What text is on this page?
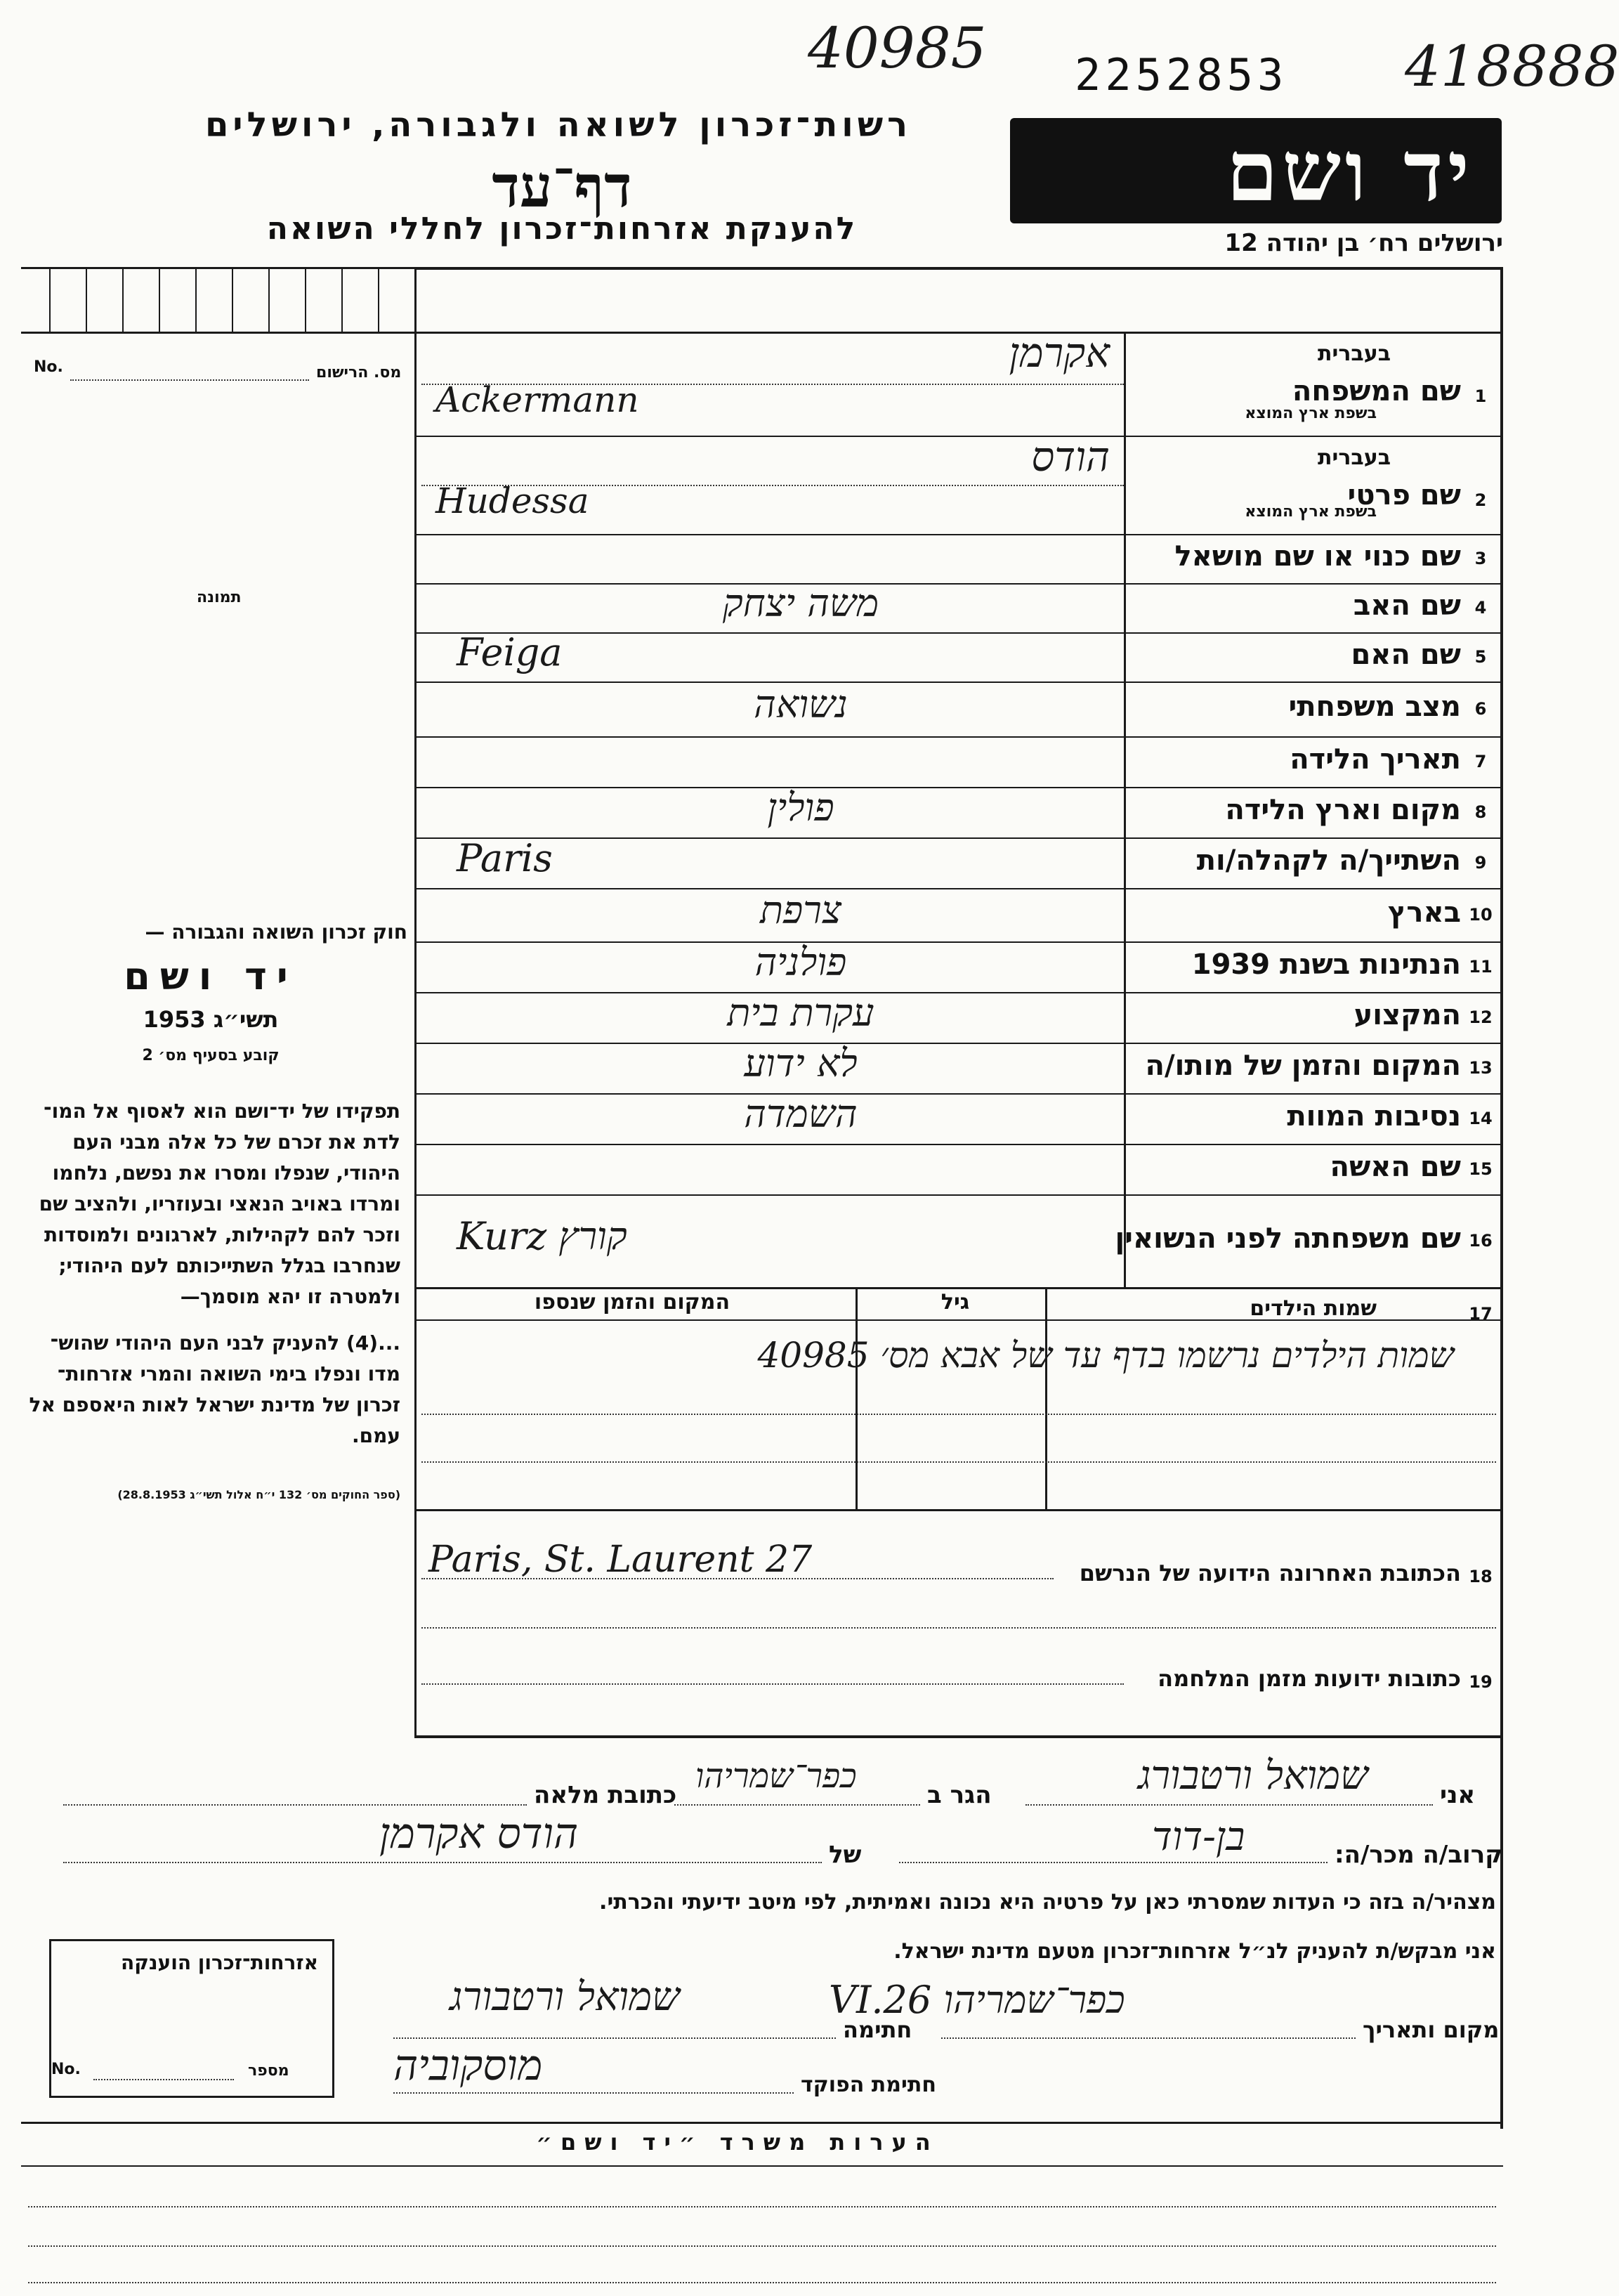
40985 2252853 418888
רשות־זכרון לשואה ולגבורה, ירושלים
דף־עד
להענקת אזרחות־זכרון לחללי השואה
יד ושם
ירושלים רח׳ בן יהודה 12
No.	מס. הרישום
תמונה
חוק זכרון השואה והגבורה —
יד ושם
תשי״ג 1953
קובע בסעיף מס׳ 2
תפקידו של יד־ושם הוא לאסוף אל המו־ לדת את זכרם של כל אלה מבני העם היהודי, שנפלו ומסרו את נפשם, נלחמו ומרדו באויב הנאצי ובעוזריו, ולהציב שם וזכר להם לקהילות, לארגונים ולמוסדות שנחרבו בגלל השתייכותם לעם היהודי; ולמטרה זו יהא מוסמך—
...(4) להעניק לבני העם היהודי שהוש־ מדו ונפלו בימי השואה והמרי אזרחות־ זכרון של מדינת ישראל לאות היאספם אל עמם.
(ספר החוקים מס׳ 132 י״ח אלול תשי״ג 28.8.1953)
1
שם המשפחה
בעברית
בשפת ארץ המוצא
אקרמן
Ackermann
2
שם פרטי
בעברית
בשפת ארץ המוצא
הודס
Hudessa
3
שם כנוי או שם מושאל
4
שם האב
משה יצחק
5
שם האם
Feiga
6
מצב משפחתי
נשואה
7
תאריך הלידה
8
מקום וארץ הלידה
פולין
9
השתייך/ה לקהלה/ות
Paris
10
בארץ
צרפת
11
הנתינות בשנת 1939
פולניה
12
המקצוע
עקרת בית
13
המקום והזמן של מותו/ה
לא ידוע
14
נסיבות המוות
השמדה
15
שם האשה
16
שם משפחתה לפני הנשואין
Kurz קורץ
17
שמות הילדים
גיל
המקום והזמן שנספו
שמות הילדים נרשמו בדף עד של אבא מס׳ 40985
18
הכתובת האחרונה הידועה של הנרשם
Paris, St. Laurent 27
19
כתובות ידועות מזמן המלחמה
אני
שמואל ורטבורג
הגר ב
כפר־שמריהו
כתובת מלאה
קרוב/ה מכר/ה:
בן-דוד
של
הודס אקרמן
מצהיר/ה בזה כי העדות שמסרתי כאן על פרטיה היא נכונה ואמיתית, לפי מיטב ידיעתי והכרתי.
אזרחות־זכרון הוענקה
No.	מספר
אני מבקש/ת להעניק לנ״ל אזרחות־זכרון מטעם מדינת ישראל.
מקום ותאריך
כפר־שמריהו 26.VI
חתימה
שמואל ורטבורג
חתימת הפוקד
מוסקוביה
הערות משרד ״יד ושם״
